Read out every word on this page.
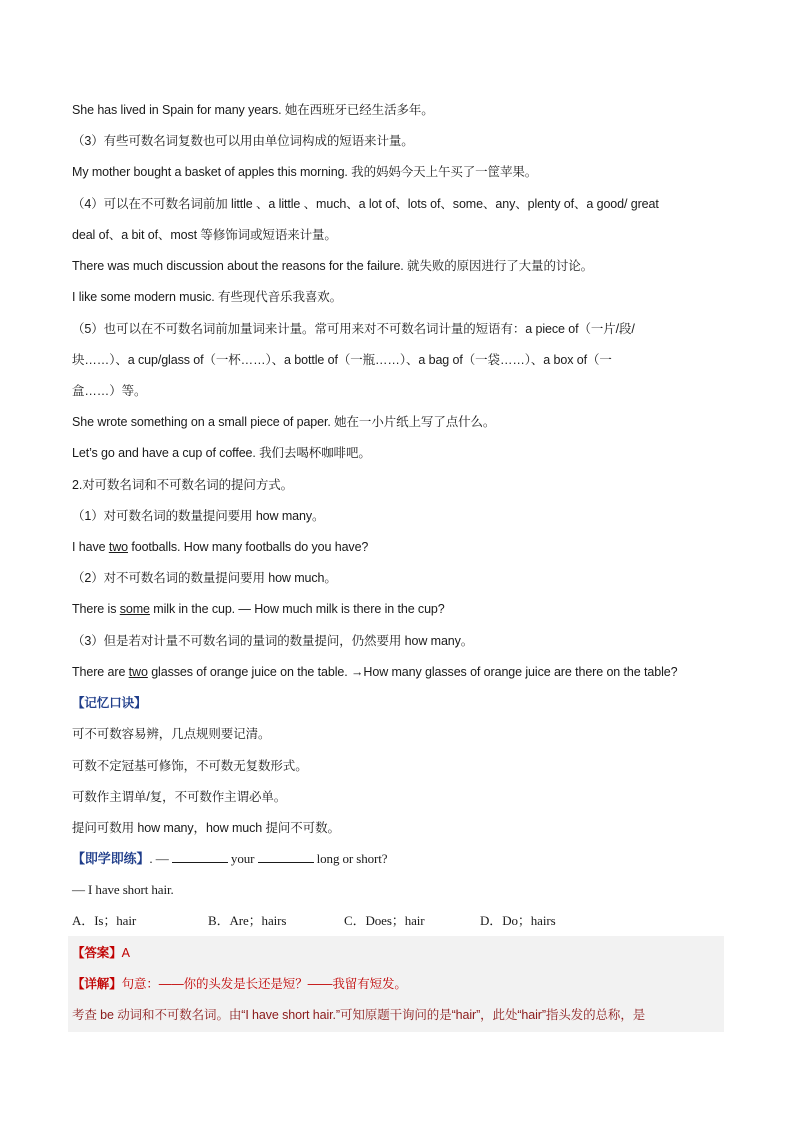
She has lived in Spain for many years. 她在西班牙已经生活多年。
（3）有些可数名词复数也可以用由单位词构成的短语来计量。
My mother bought a basket of apples this morning. 我的妈妈今天上午买了一筐苹果。
（4）可以在不可数名词前加 little 、a little 、much、a lot of、lots of、some、any、plenty of、a good/ great
deal of、a bit of、most 等修饰词或短语来计量。
There was much discussion about the reasons for the failure. 就失败的原因进行了大量的讨论。
I like some modern music. 有些现代音乐我喜欢。
（5）也可以在不可数名词前加量词来计量。常可用来对不可数名词计量的短语有：a piece of（一片/段/
块……）、a cup/glass of（一杯……）、a bottle of（一瓶……）、a bag of（一袋……）、a box of（一
盒……）等。
She wrote something on a small piece of paper. 她在一小片纸上写了点什么。
Let’s go and have a cup of coffee. 我们去喝杯咖啡吧。
2.对可数名词和不可数名词的提问方式。
（1）对可数名词的数量提问要用 how many。
I have two footballs. How many footballs do you have?
（2）对不可数名词的数量提问要用 how much。
There is some milk in the cup. — How much milk is there in the cup?
（3）但是若对计量不可数名词的量词的数量提问，仍然要用 how many。
There are two glasses of orange juice on the table. →How many glasses of orange juice are there on the table?
【记忆口诀】
可不可数容易辨，几点规则要记清。
可数不定冠基可修饰，不可数无复数形式。
可数作主谓单/复，不可数作主谓必单。
提问可数用 how many，how much 提问不可数。
【即学即练】. —	your	long or short?
— I have short hair.
A．Is；hair	B．Are；hairs	C．Does；hair	D．Do；hairs
【答案】A
【详解】句意：——你的头发是长还是短？——我留有短发。
考查 be 动词和不可数名词。由“I have short hair.”可知原题干询问的是“hair”，此处“hair”指头发的总称，是
